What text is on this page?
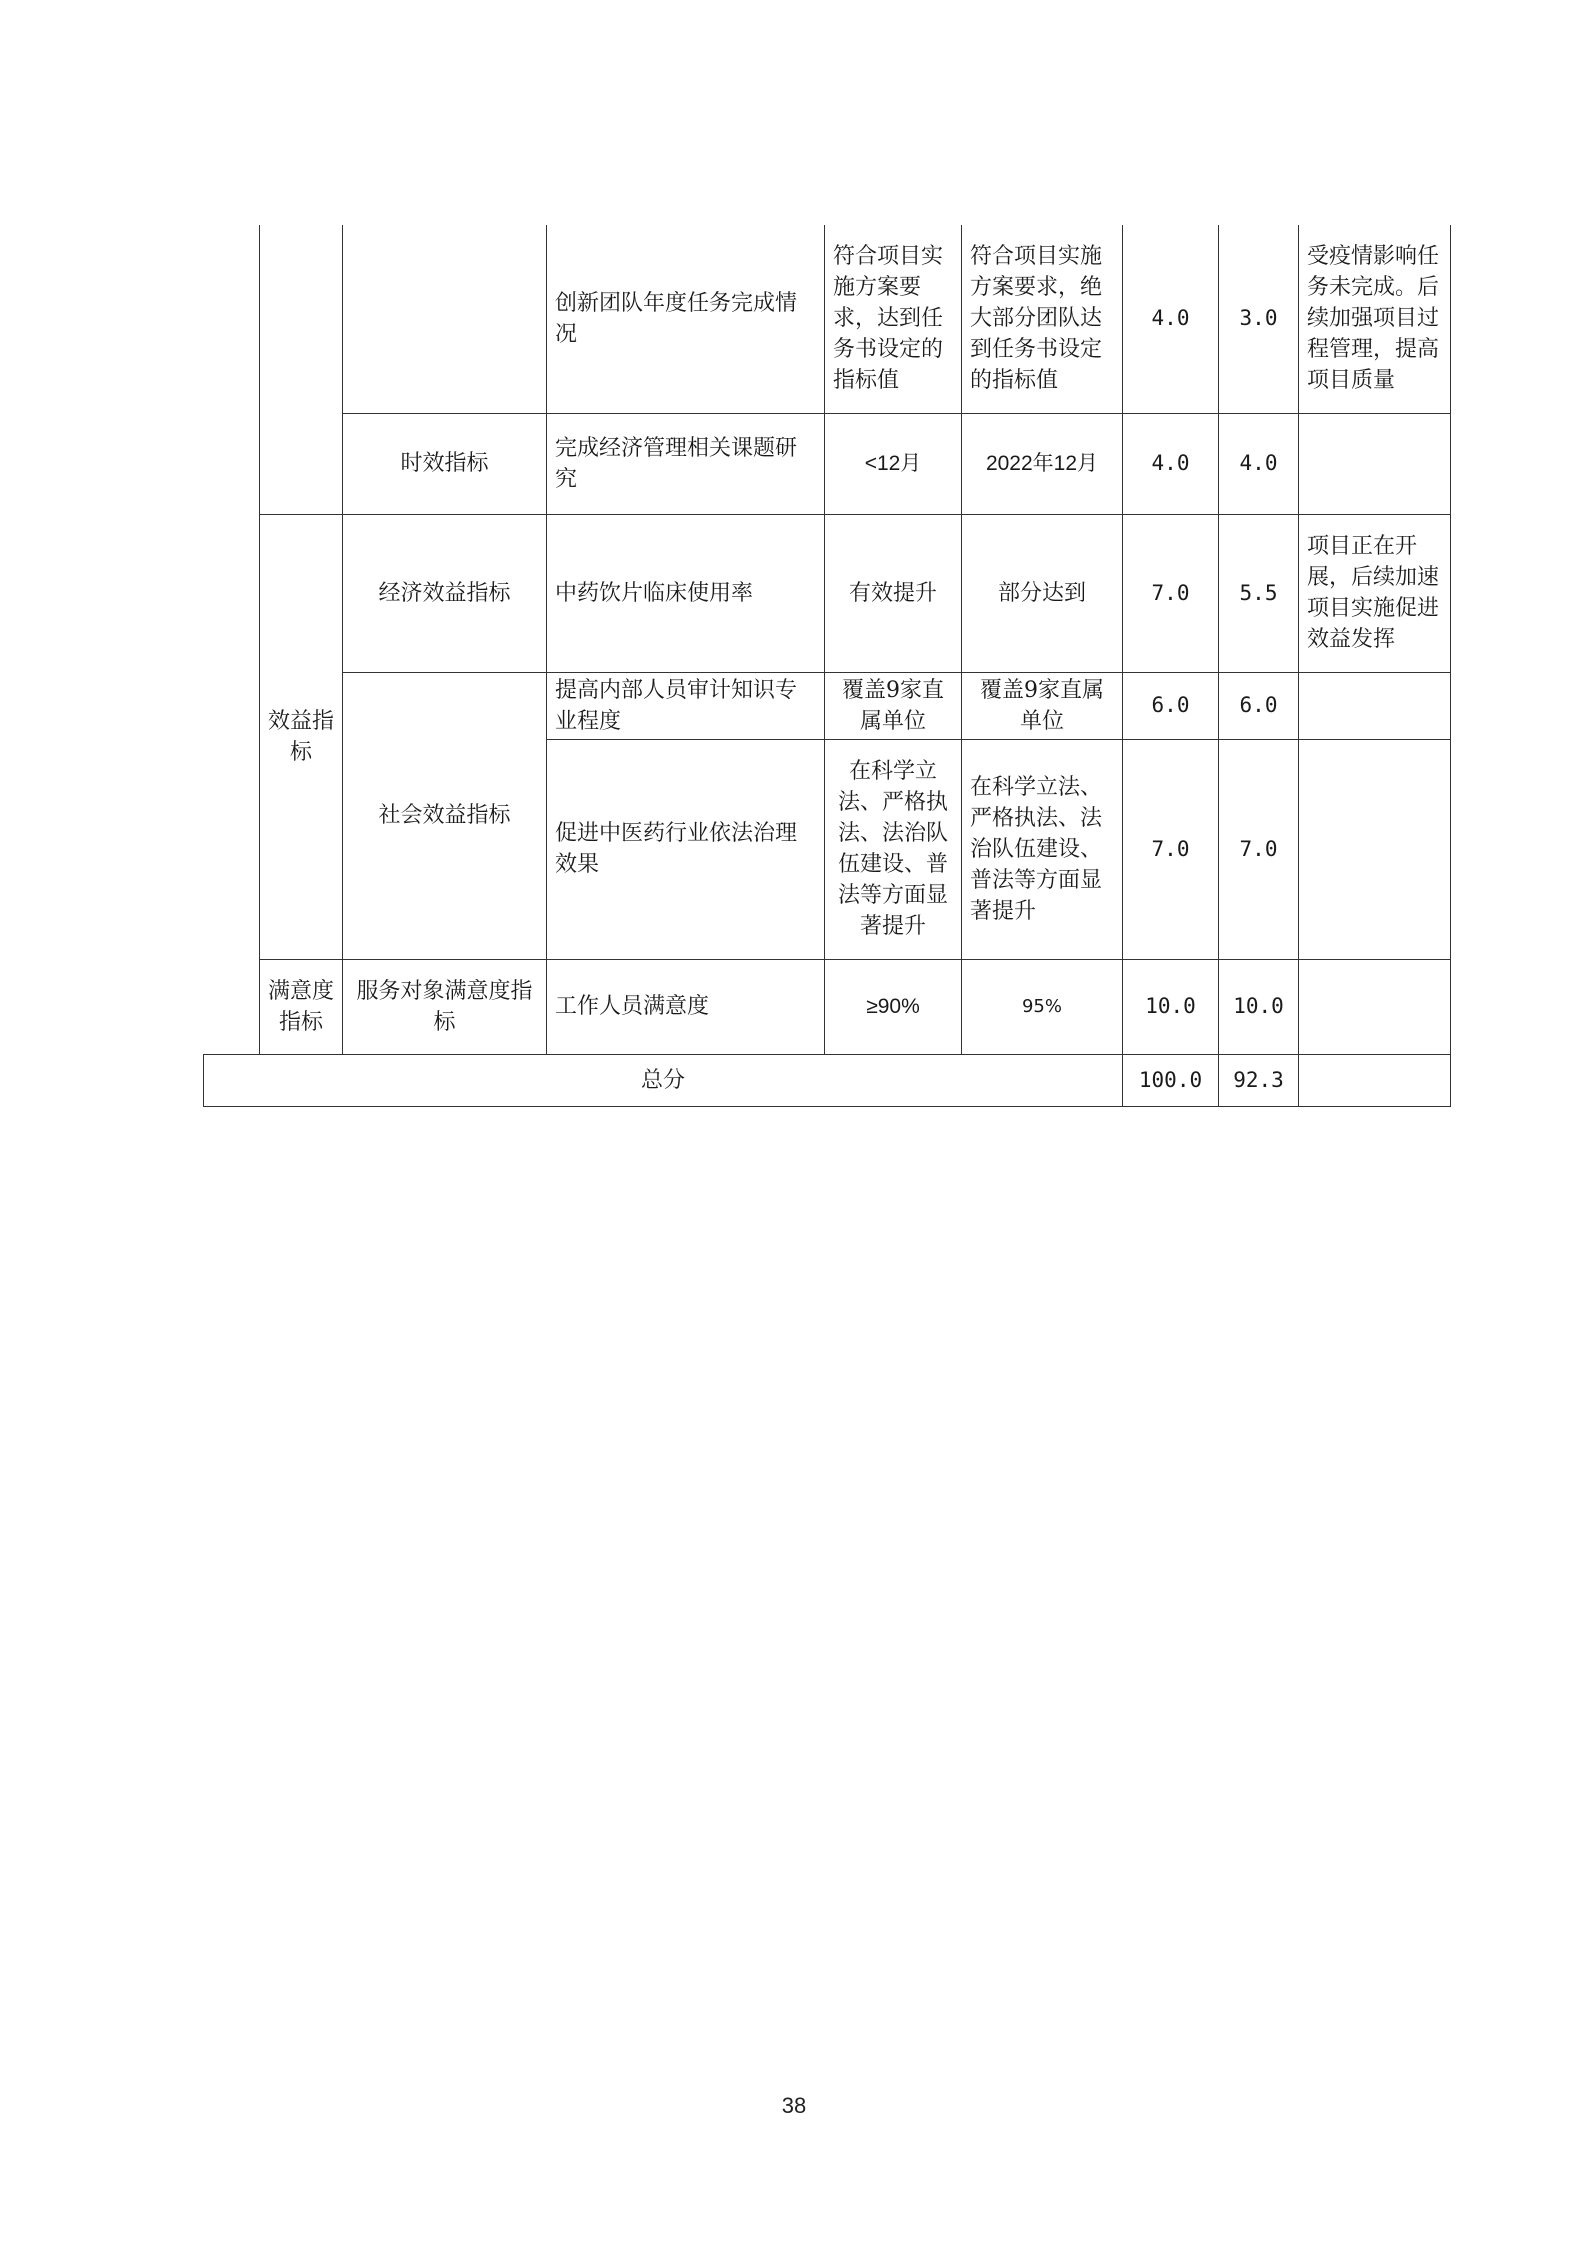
			创新团队年度任务完成情况	符合项目实施方案要求，达到任务书设定的指标值	符合项目实施方案要求，绝大部分团队达到任务书设定的指标值	4.0	3.0	受疫情影响任务未完成。后续加强项目过程管理，提高项目质量
		时效指标	完成经济管理相关课题研究	<12月	2022年12月	4.0	4.0	
	效益指标	经济效益指标	中药饮片临床使用率	有效提升	部分达到	7.0	5.5	项目正在开展，后续加速项目实施促进效益发挥
		社会效益指标	提高内部人员审计知识专业程度	覆盖9家直属单位	覆盖9家直属单位	6.0	6.0	
			促进中医药行业依法治理效果	在科学立法、严格执法、法治队伍建设、普法等方面显著提升	在科学立法、严格执法、法治队伍建设、普法等方面显著提升	7.0	7.0	
	满意度指标	服务对象满意度指标	工作人员满意度	≥90%	95%	10.0	10.0	
总分						100.0	92.3	
38
